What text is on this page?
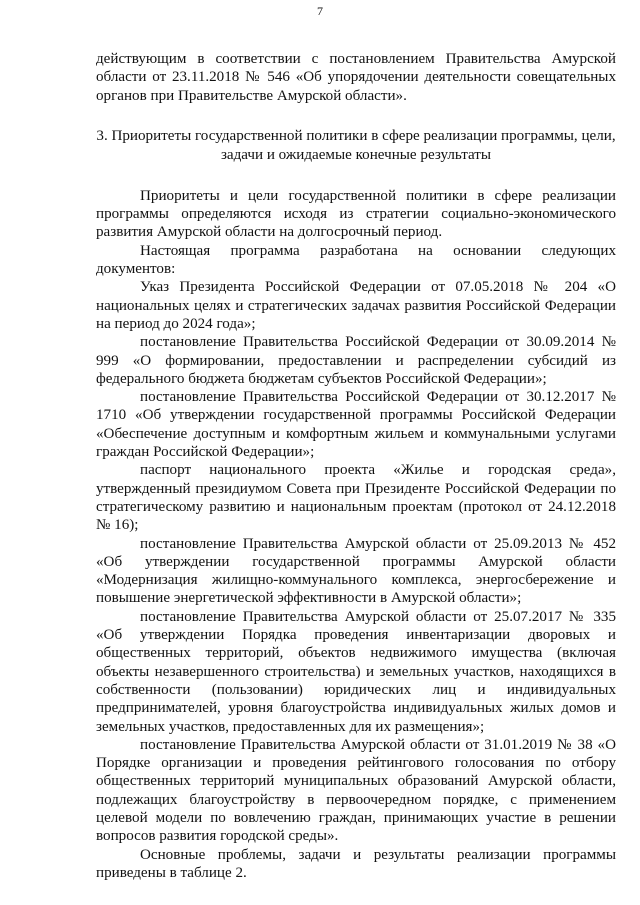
7

действующим в соответствии с постановлением Правительства Амурской области от 23.11.2018 № 546 «Об упорядочении деятельности совещательных органов при Правительстве Амурской области».

3. Приоритеты государственной политики в сфере реализации программы, цели, задачи и ожидаемые конечные результаты

Приоритеты и цели государственной политики в сфере реализации программы определяются исходя из стратегии социально-экономического развития Амурской области на долгосрочный период.

Настоящая программа разработана на основании следующих документов:

Указ Президента Российской Федерации от 07.05.2018 № 204 «О национальных целях и стратегических задачах развития Российской Федерации на период до 2024 года»;

постановление Правительства Российской Федерации от 30.09.2014 № 999 «О формировании, предоставлении и распределении субсидий из федерального бюджета бюджетам субъектов Российской Федерации»;

постановление Правительства Российской Федерации от 30.12.2017 № 1710 «Об утверждении государственной программы Российской Федерации «Обеспечение доступным и комфортным жильем и коммунальными услугами граждан Российской Федерации»;

паспорт национального проекта «Жилье и городская среда», утвержденный президиумом Совета при Президенте Российской Федерации по стратегическому развитию и национальным проектам (протокол от 24.12.2018 № 16);

постановление Правительства Амурской области от 25.09.2013 № 452 «Об утверждении государственной программы Амурской области «Модернизация жилищно-коммунального комплекса, энергосбережение и повышение энергетической эффективности в Амурской области»;

постановление Правительства Амурской области от 25.07.2017 № 335 «Об утверждении Порядка проведения инвентаризации дворовых и общественных территорий, объектов недвижимого имущества (включая объекты незавершенного строительства) и земельных участков, находящихся в собственности (пользовании) юридических лиц и индивидуальных предпринимателей, уровня благоустройства индивидуальных жилых домов и земельных участков, предоставленных для их размещения»;

постановление Правительства Амурской области от 31.01.2019 № 38 «О Порядке организации и проведения рейтингового голосования по отбору общественных территорий муниципальных образований Амурской области, подлежащих благоустройству в первоочередном порядке, с применением целевой модели по вовлечению граждан, принимающих участие в решении вопросов развития городской среды».

Основные проблемы, задачи и результаты реализации программы приведены в таблице 2.
